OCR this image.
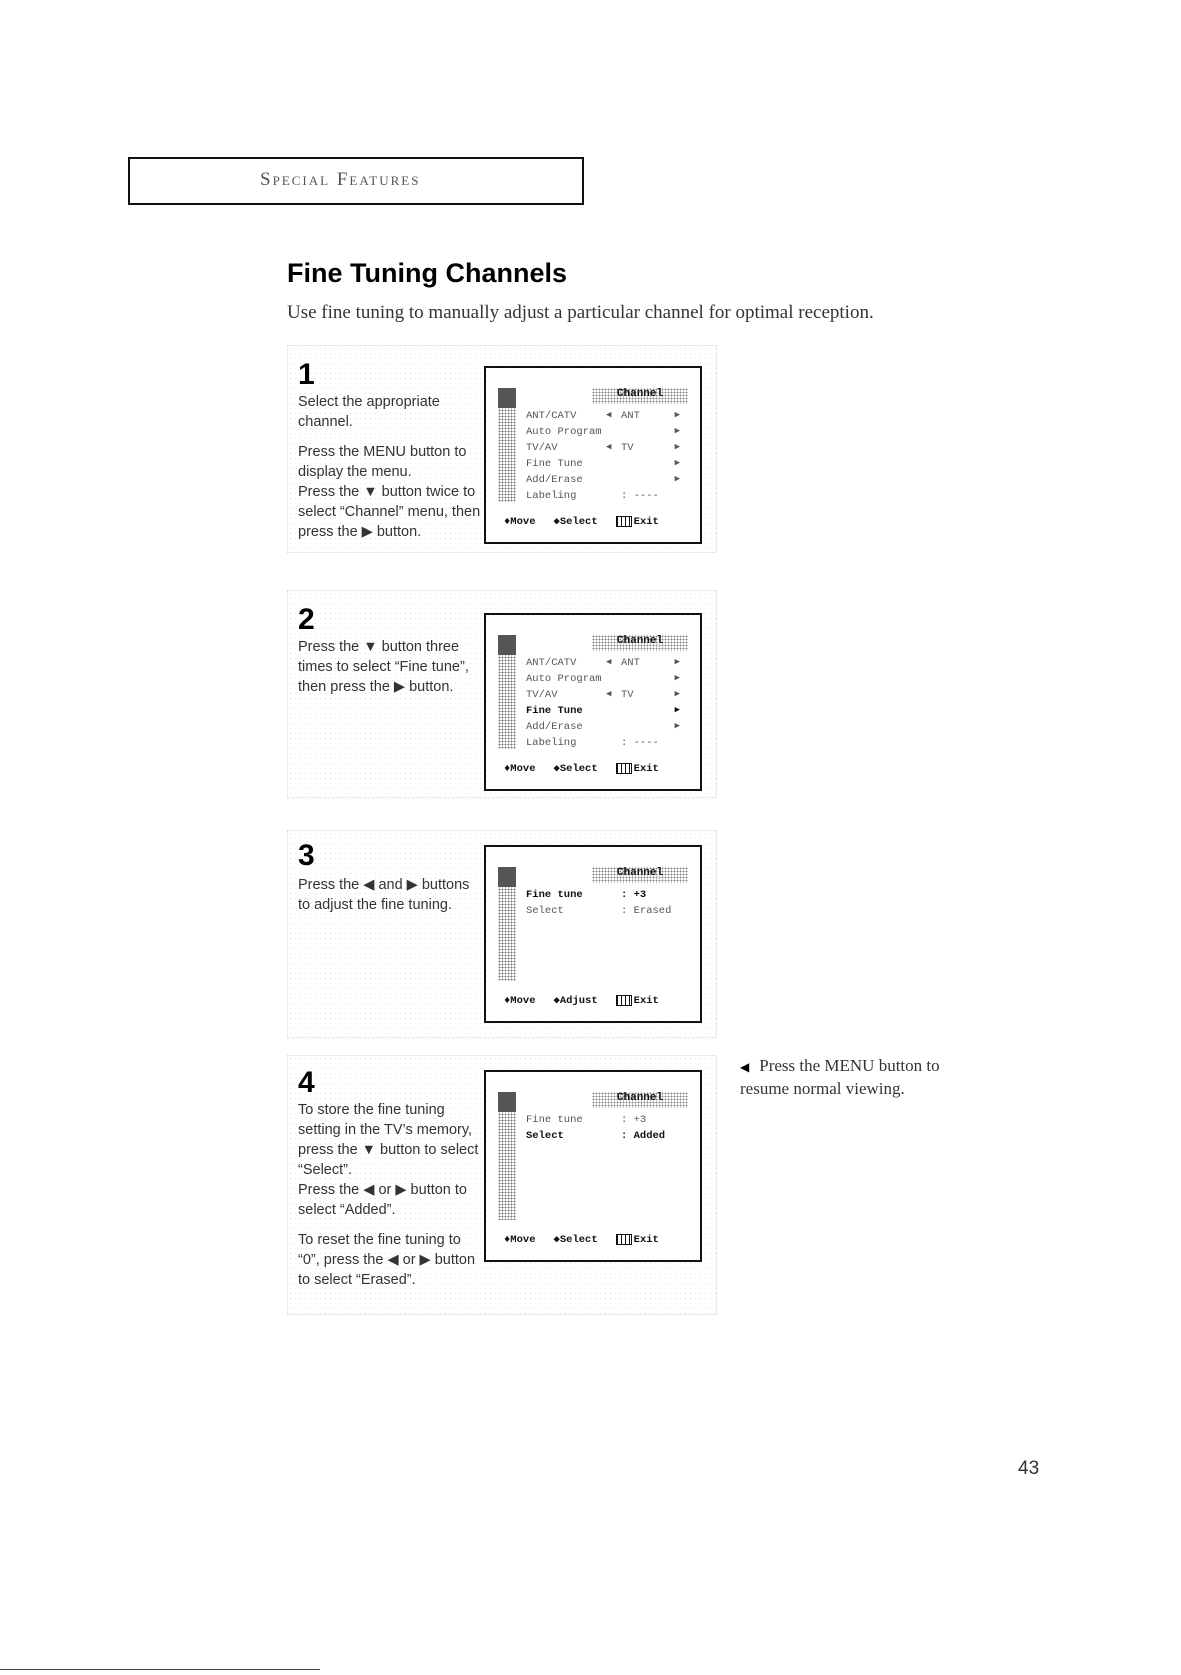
Special Features
Fine Tuning Channels

Use fine tuning to manually adjust a particular channel for optimal reception.

1

Select the appropriate channel.

Press the MENU button to display the menu.

Press the ▼ button twice to select “Channel” menu, then press the ▶ button.

Channel
ANT/CATV	◀ ANT	▶
Auto Program	▶
TV/AV	◀ TV	▶
Fine Tune	▶
Add/Erase	▶
Labeling	: ----
♦Move ◆Select	Exit
2

Press the ▼ button three times to select “Fine tune”, then press the ▶ button.

Channel
ANT/CATV	◀ ANT	▶
Auto Program	▶
TV/AV	◀ TV	▶
Fine Tune	▶
Add/Erase	▶
Labeling	: ----
♦Move ◆Select	Exit
3

Press the ◀ and ▶ buttons to adjust the fine tuning.

Channel
Fine tune	: +3
Select	: Erased
♦Move ◆Adjust	Exit
4

To store the fine tuning setting in the TV’s memory, press the ▼ button to select “Select”.

Press the ◀ or ▶ button to select “Added”.

To reset the fine tuning to “0”, press the ◀ or ▶ button to select “Erased”.

Channel
Fine tune	: +3
Select	: Added
♦Move ◆Select	Exit
◀ Press the MENU button to resume normal viewing.
43
